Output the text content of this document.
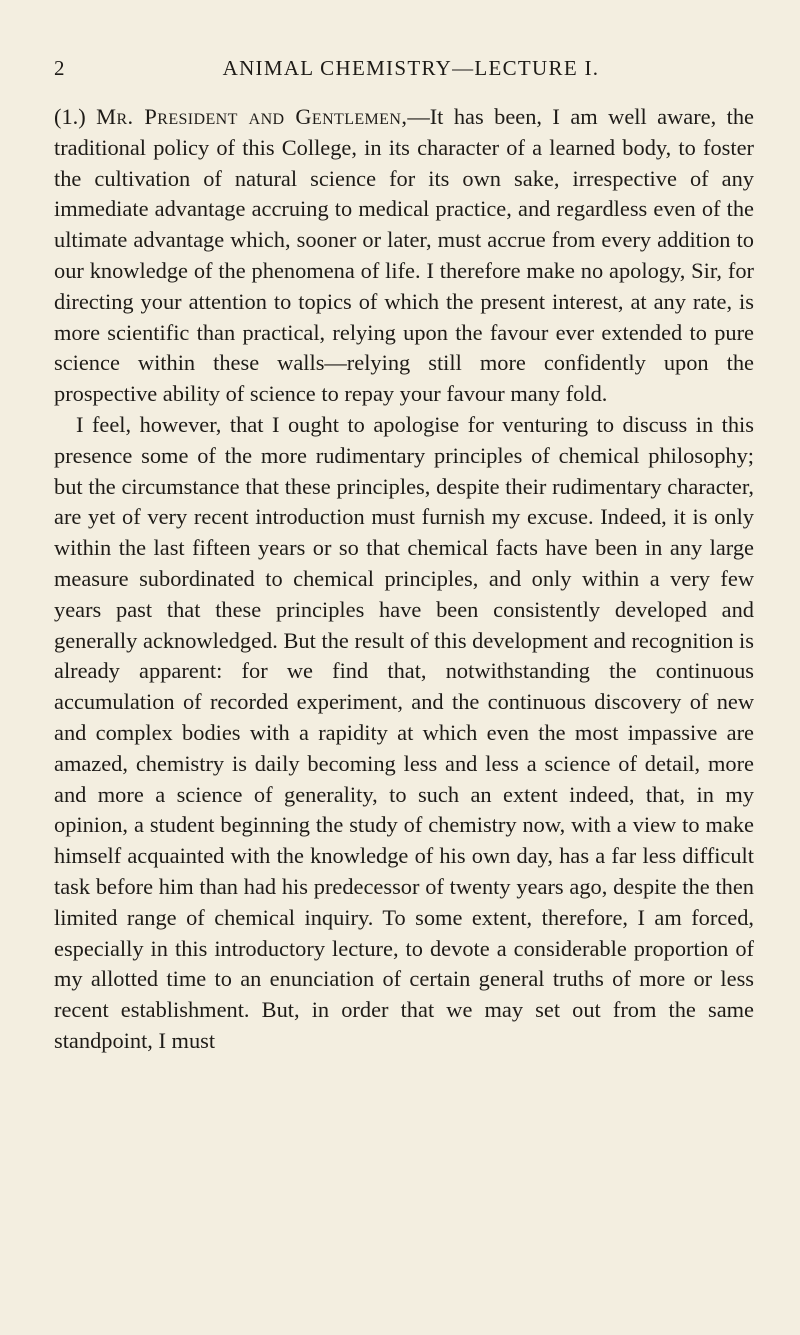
2	ANIMAL CHEMISTRY—LECTURE I.

(1.) Mr. President and Gentlemen,—It has been, I am well aware, the traditional policy of this College, in its character of a learned body, to foster the cultivation of natural science for its own sake, irrespective of any immediate advantage accruing to medical practice, and regardless even of the ultimate advantage which, sooner or later, must accrue from every addition to our knowledge of the phenomena of life. I therefore make no apology, Sir, for directing your attention to topics of which the present interest, at any rate, is more scientific than practical, relying upon the favour ever extended to pure science within these walls—relying still more confidently upon the prospective ability of science to repay your favour many fold.

I feel, however, that I ought to apologise for venturing to discuss in this presence some of the more rudimentary principles of chemical philosophy; but the circumstance that these principles, despite their rudimentary character, are yet of very recent introduction must furnish my excuse. Indeed, it is only within the last fifteen years or so that chemical facts have been in any large measure subordinated to chemical principles, and only within a very few years past that these principles have been consistently developed and generally acknowledged. But the result of this development and recognition is already apparent: for we find that, notwithstanding the continuous accumulation of recorded experiment, and the continuous discovery of new and complex bodies with a rapidity at which even the most impassive are amazed, chemistry is daily becoming less and less a science of detail, more and more a science of generality, to such an extent indeed, that, in my opinion, a student beginning the study of chemistry now, with a view to make himself acquainted with the knowledge of his own day, has a far less difficult task before him than had his predecessor of twenty years ago, despite the then limited range of chemical inquiry. To some extent, therefore, I am forced, especially in this introductory lecture, to devote a considerable proportion of my allotted time to an enunciation of certain general truths of more or less recent establishment. But, in order that we may set out from the same standpoint, I must
